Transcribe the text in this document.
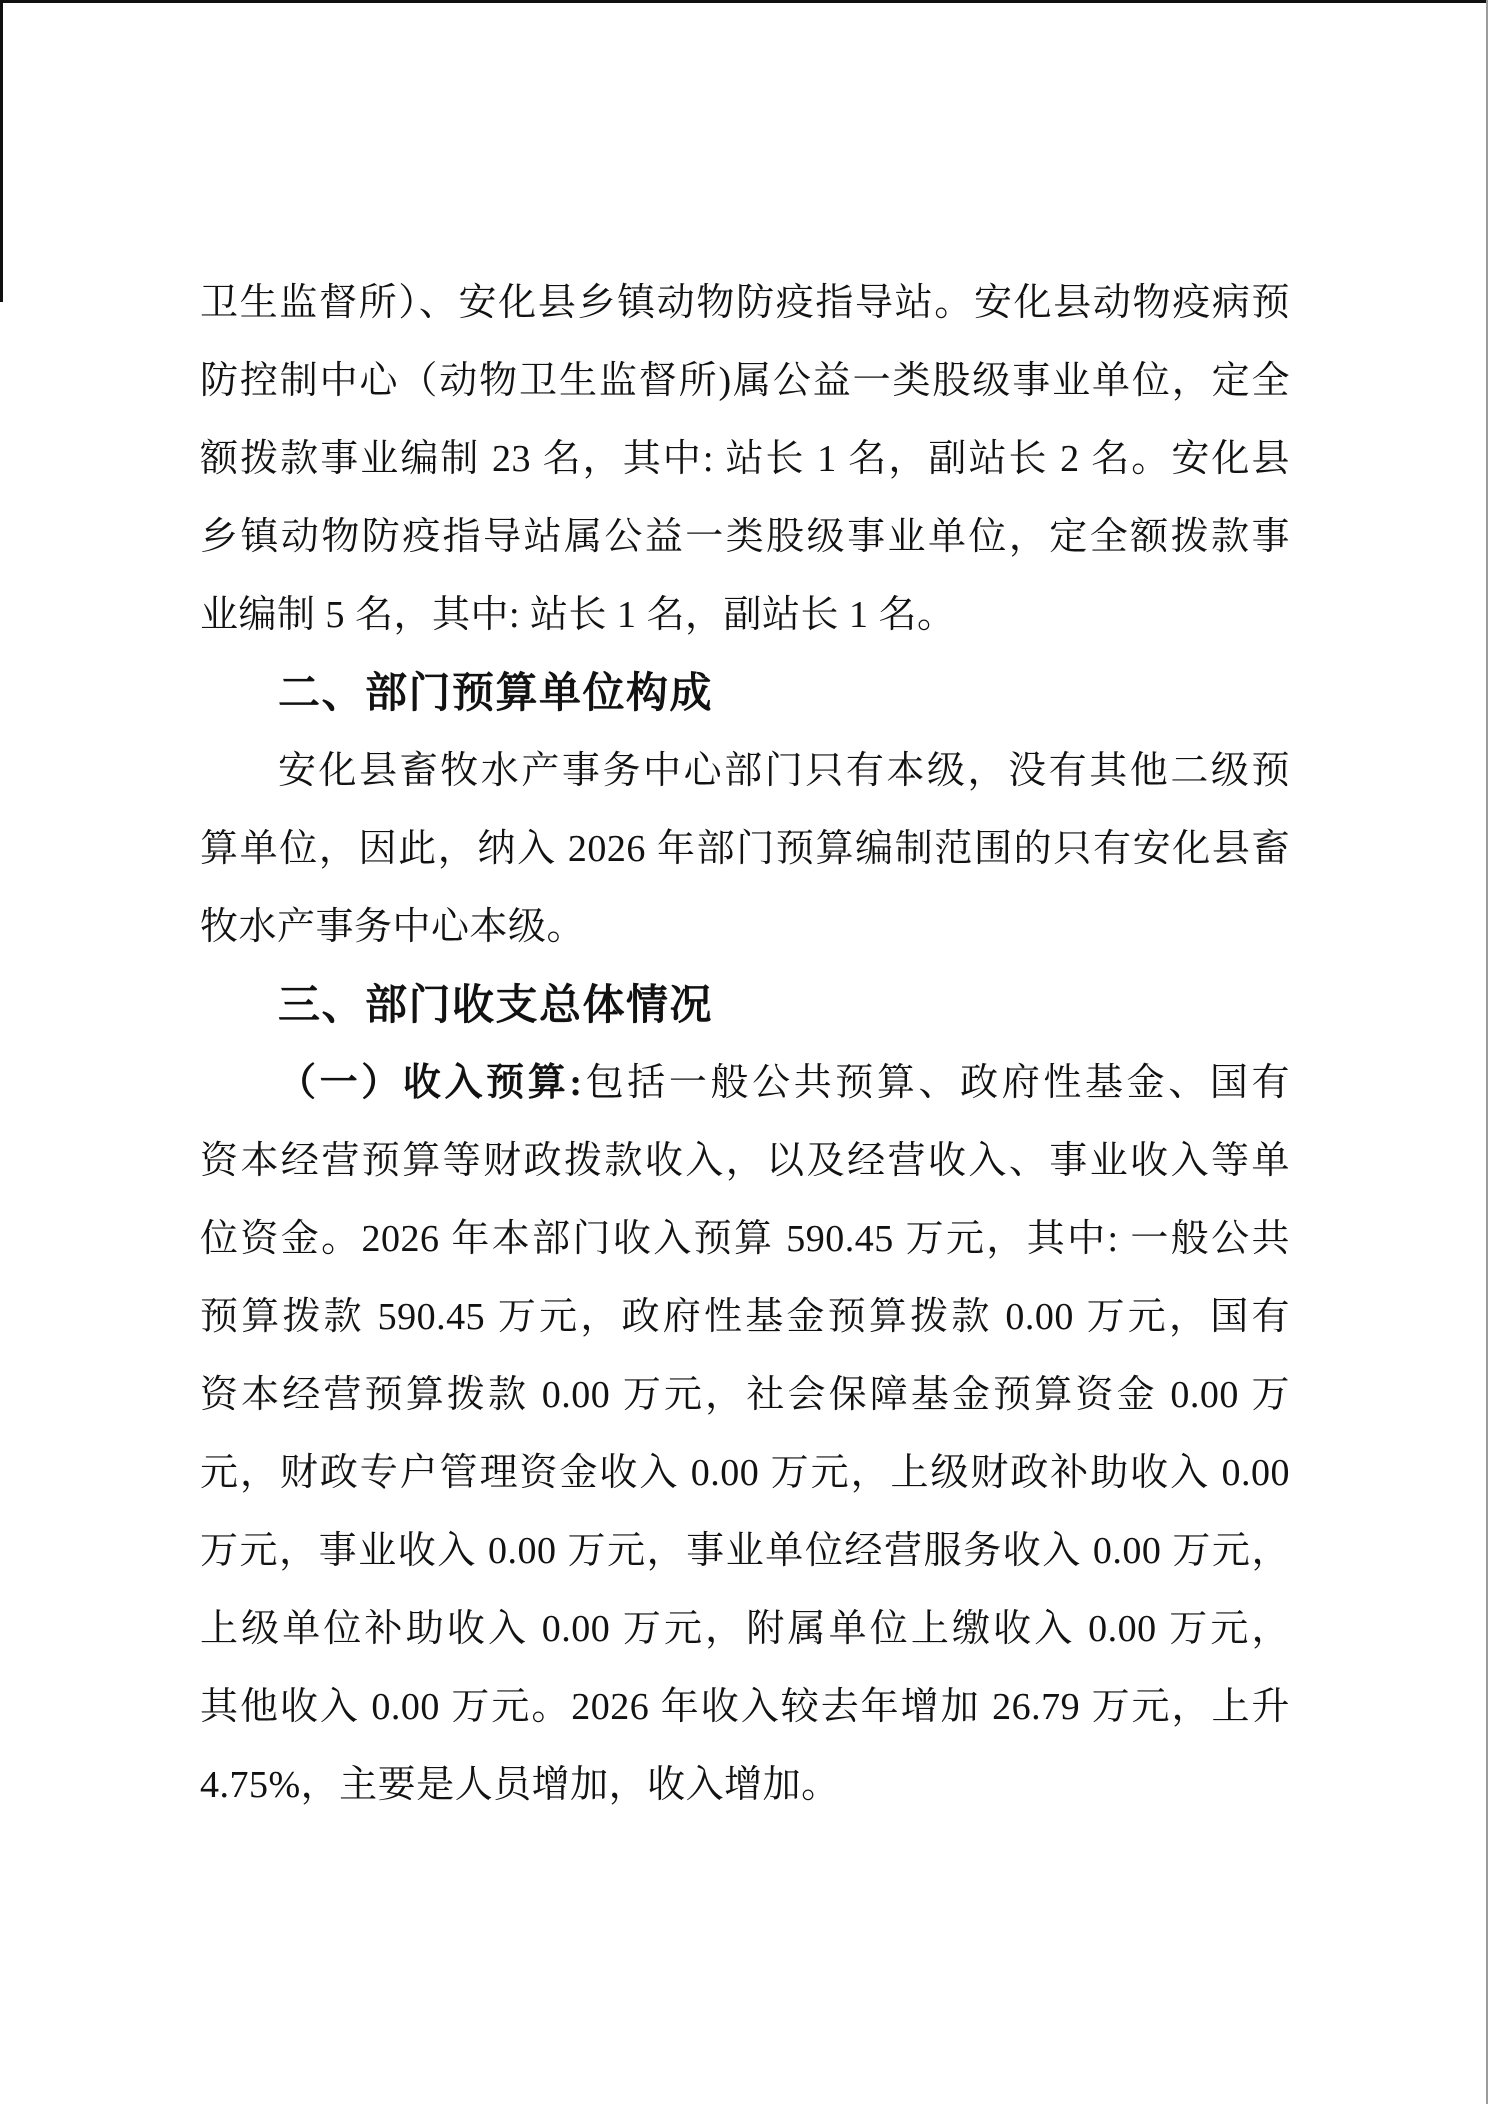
卫生监督所）、安化县乡镇动物防疫指导站。安化县动物疫病预
防控制中心（动物卫生监督所)属公益一类股级事业单位，定全
额拨款事业编制 23 名，其中: 站长 1 名，副站长 2 名。安化县
乡镇动物防疫指导站属公益一类股级事业单位，定全额拨款事
业编制 5 名，其中: 站长 1 名，副站长 1 名。
二、部门预算单位构成
安化县畜牧水产事务中心部门只有本级，没有其他二级预
算单位，因此，纳入 2026 年部门预算编制范围的只有安化县畜
牧水产事务中心本级。
三、部门收支总体情况
（一）收入预算:包括一般公共预算、政府性基金、国有
资本经营预算等财政拨款收入，以及经营收入、事业收入等单
位资金。2026 年本部门收入预算 590.45 万元，其中: 一般公共
预算拨款 590.45 万元，政府性基金预算拨款 0.00 万元，国有
资本经营预算拨款 0.00 万元，社会保障基金预算资金 0.00 万
元，财政专户管理资金收入 0.00 万元，上级财政补助收入 0.00
万元，事业收入 0.00 万元，事业单位经营服务收入 0.00 万元，
上级单位补助收入 0.00 万元，附属单位上缴收入 0.00 万元，
其他收入 0.00 万元。2026 年收入较去年增加 26.79 万元，上升
4.75%，主要是人员增加，收入增加。
